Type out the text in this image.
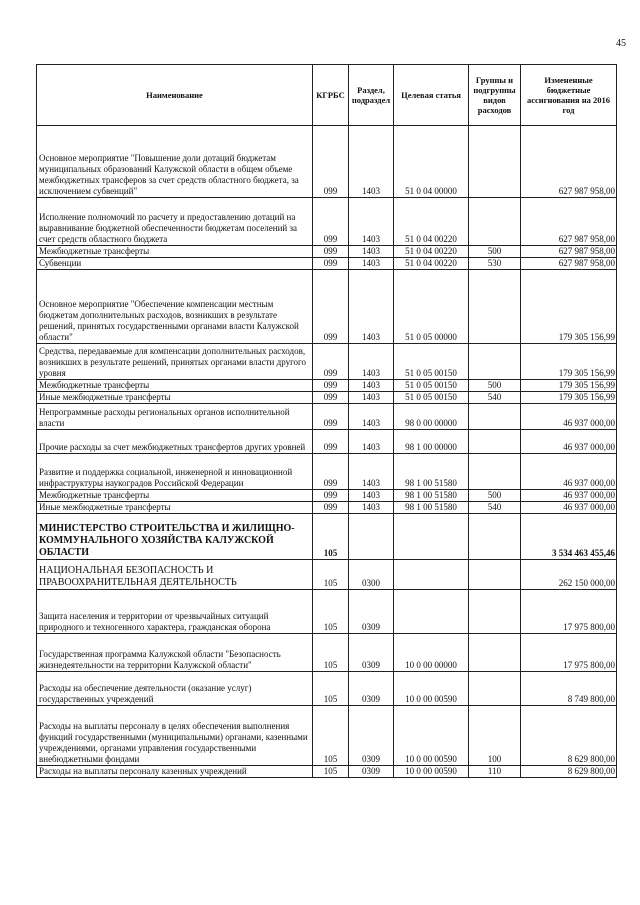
45
Наименование	КГРБС	Раздел, подраздел	Целевая статья	Группы и подгруппы видов расходов	Измененные бюджетные ассигнования на 2016 год
Основное мероприятие "Повышение доли дотаций бюджетам муниципальных образований Калужской области в общем объеме межбюджетных трансферов за счет средств областного бюджета, за исключением субвенций"	099	1403	51 0 04 00000		627 987 958,00
Исполнение полномочий по расчету и предоставлению дотаций на выравнивание бюджетной обеспеченности бюджетам поселений за счет средств областного бюджета	099	1403	51 0 04 00220		627 987 958,00
Межбюджетные трансферты	099	1403	51 0 04 00220	500	627 987 958,00
Субвенции	099	1403	51 0 04 00220	530	627 987 958,00
Основное мероприятие "Обеспечение компенсации местным бюджетам дополнительных расходов, возникших в результате решений, принятых государственными органами власти Калужской области"	099	1403	51 0 05 00000		179 305 156,99
Средства, передаваемые для компенсации дополнительных расходов, возникших в результате решений, принятых органами власти другого уровня	099	1403	51 0 05 00150		179 305 156,99
Межбюджетные трансферты	099	1403	51 0 05 00150	500	179 305 156,99
Иные межбюджетные трансферты	099	1403	51 0 05 00150	540	179 305 156,99
Непрограммные расходы региональных органов исполнительной власти	099	1403	98 0 00 00000		46 937 000,00
Прочие расходы за счет межбюджетных трансфертов других уровней	099	1403	98 1 00 00000		46 937 000,00
Развитие и поддержка социальной, инженерной и инновационной инфраструктуры наукоградов Российской Федерации	099	1403	98 1 00 51580		46 937 000,00
Межбюджетные трансферты	099	1403	98 1 00 51580	500	46 937 000,00
Иные межбюджетные трансферты	099	1403	98 1 00 51580	540	46 937 000,00
МИНИСТЕРСТВО СТРОИТЕЛЬСТВА И ЖИЛИЩНО-КОММУНАЛЬНОГО ХОЗЯЙСТВА КАЛУЖСКОЙ ОБЛАСТИ	105				3 534 463 455,46
НАЦИОНАЛЬНАЯ БЕЗОПАСНОСТЬ И ПРАВООХРАНИТЕЛЬНАЯ ДЕЯТЕЛЬНОСТЬ	105	0300			262 150 000,00
Защита населения и территории от чрезвычайных ситуаций природного и техногенного характера, гражданская оборона	105	0309			17 975 800,00
Государственная программа Калужской области "Безопасность жизнедеятельности на территории Калужской области"	105	0309	10 0 00 00000		17 975 800,00
Расходы на обеспечение деятельности (оказание услуг) государственных учреждений	105	0309	10 0 00 00590		8 749 800,00
Расходы на выплаты персоналу в целях обеспечения выполнения функций государственными (муниципальными) органами, казенными учреждениями, органами управления государственными внебюджетными фондами	105	0309	10 0 00 00590	100	8 629 800,00
Расходы на выплаты персоналу казенных учреждений	105	0309	10 0 00 00590	110	8 629 800,00
